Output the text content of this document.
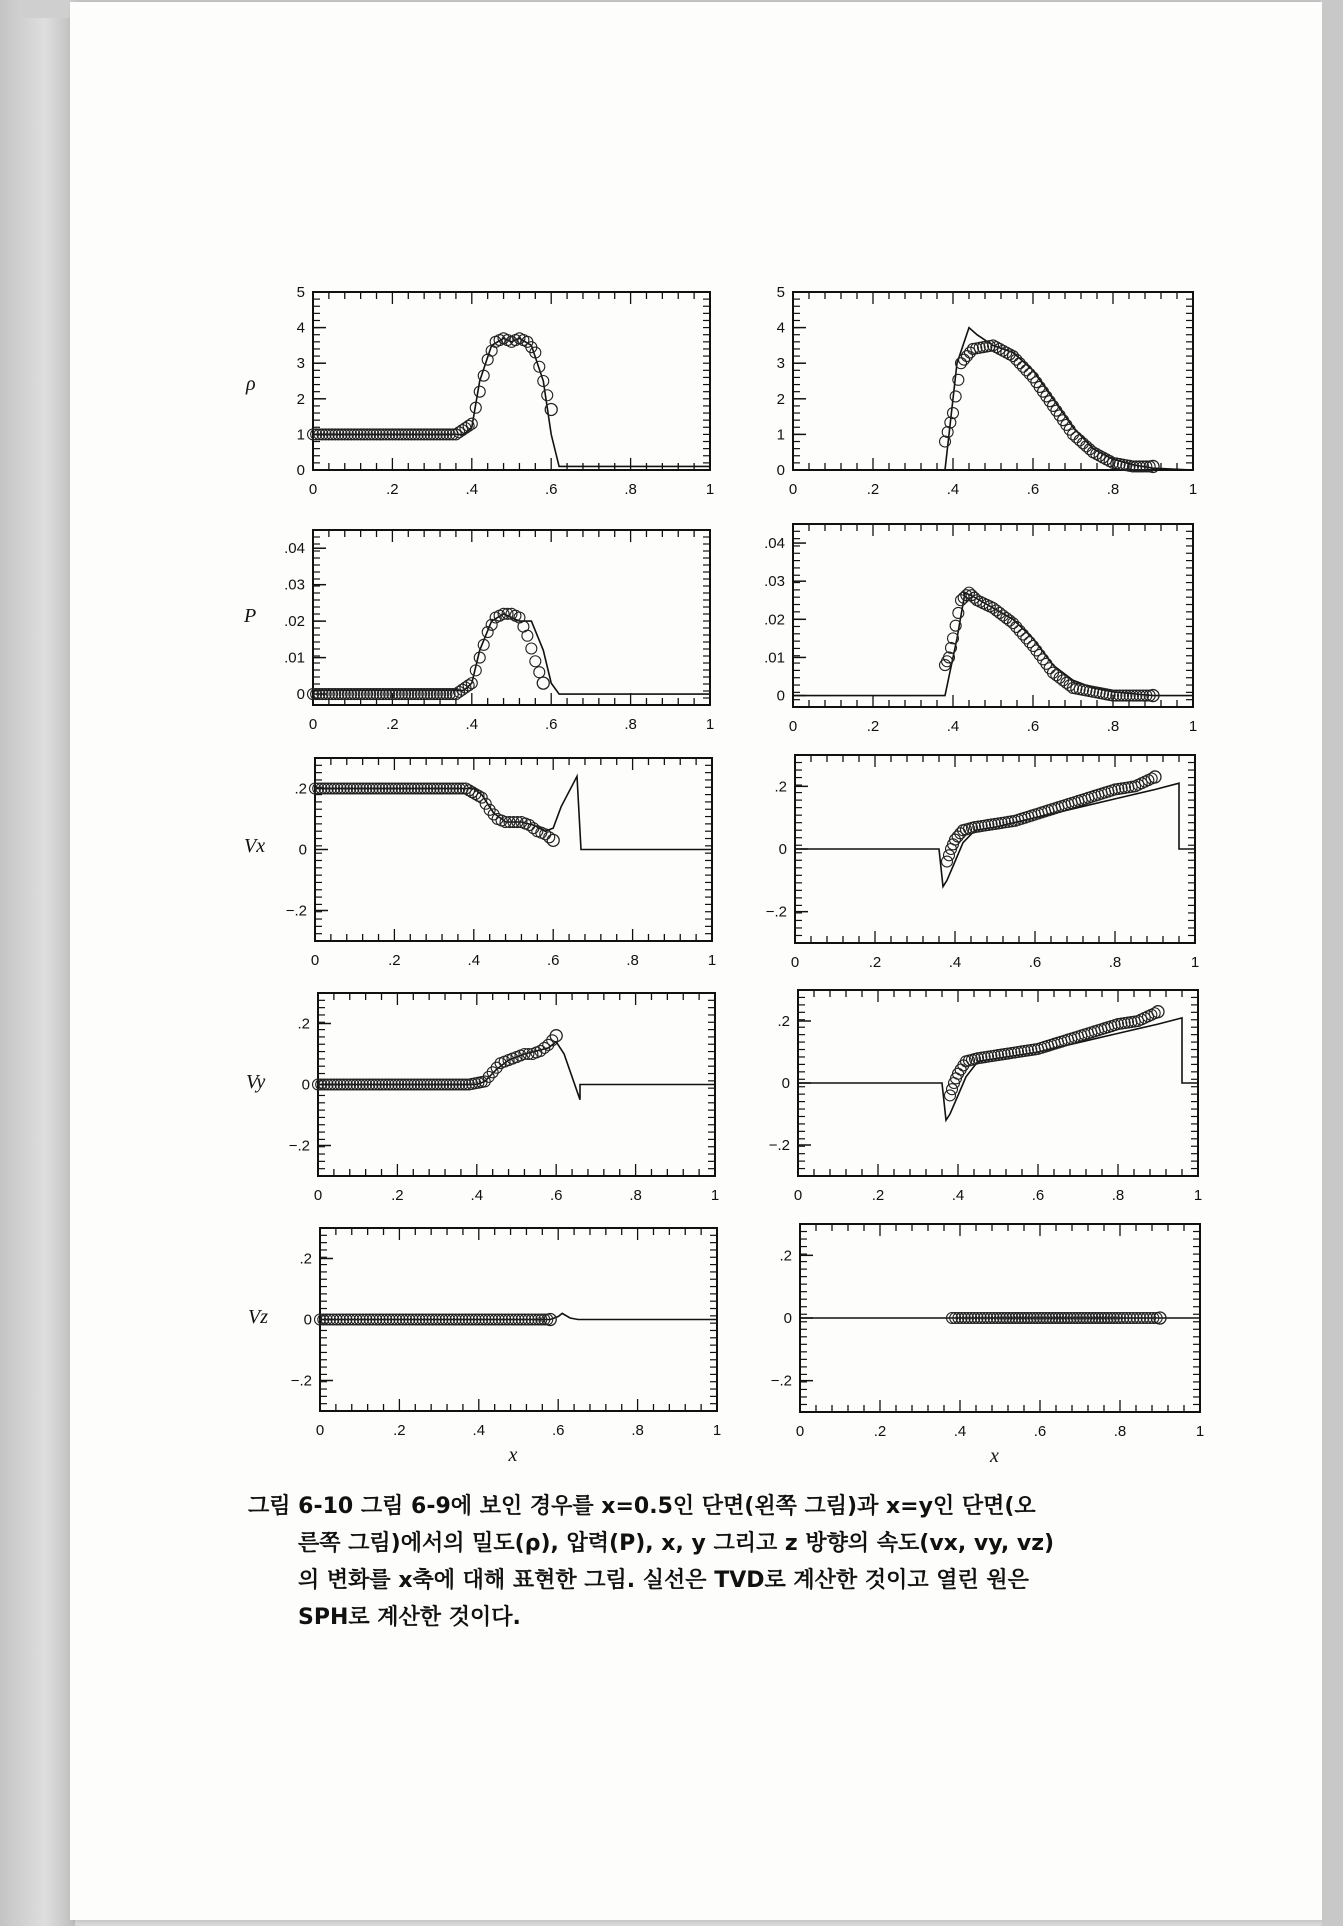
0	.2	.4	.6	.8	1
0
1
2
3
4
5
ρ
0	.2	.4	.6	.8	1
0
1
2
3
4
5
0	.2	.4	.6	.8	1
0
.01
.02
.03
.04
P
0	.2	.4	.6	.8	1
0
.01
.02
.03
.04
0	.2	.4	.6	.8	1
−.2
0
.2
Vx
0	.2	.4	.6	.8	1
−.2
0
.2
0	.2	.4	.6	.8	1
−.2
0
.2
Vy
0	.2	.4	.6	.8	1
−.2
0
.2
0	.2	.4	.6	.8	1
−.2
0
.2
Vz
x
0	.2	.4	.6	.8	1
−.2
0
.2
x

그림 6-10 그림 6-9에 보인 경우를 x=0.5인 단면(왼쪽 그림)과 x=y인 단면(오

른쪽 그림)에서의 밀도(ρ), 압력(P), x, y 그리고 z 방향의 속도(vx, vy, vz)

의 변화를 x축에 대해 표현한 그림. 실선은 TVD로 계산한 것이고 열린 원은

SPH로 계산한 것이다.
